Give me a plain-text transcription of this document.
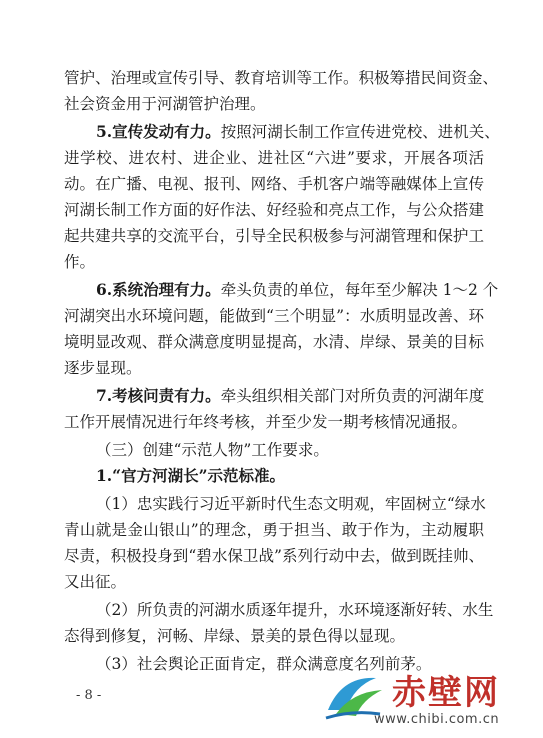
管护、治理或宣传引导、教育培训等工作。积极筹措民间资金、
社会资金用于河湖管护治理。
5.宣传发动有力。按照河湖长制工作宣传进党校、进机关、
进学校、进农村、进企业、进社区“六进”要求，开展各项活
动。在广播、电视、报刊、网络、手机客户端等融媒体上宣传
河湖长制工作方面的好作法、好经验和亮点工作，与公众搭建
起共建共享的交流平台，引导全民积极参与河湖管理和保护工
作。
6.系统治理有力。牵头负责的单位，每年至少解决 1～2 个
河湖突出水环境问题，能做到“三个明显”：水质明显改善、环
境明显改观、群众满意度明显提高，水清、岸绿、景美的目标
逐步显现。
7.考核问责有力。牵头组织相关部门对所负责的河湖年度
工作开展情况进行年终考核，并至少发一期考核情况通报。
（三）创建“示范人物”工作要求。
1.“官方河湖长”示范标准。
（1）忠实践行习近平新时代生态文明观，牢固树立“绿水
青山就是金山银山”的理念，勇于担当、敢于作为，主动履职
尽责，积极投身到“碧水保卫战”系列行动中去，做到既挂帅、
又出征。
（2）所负责的河湖水质逐年提升，水环境逐渐好转、水生
态得到修复，河畅、岸绿、景美的景色得以显现。
（3）社会舆论正面肯定，群众满意度名列前茅。
- 8 -	赤壁网
www.chibi.com.cn
